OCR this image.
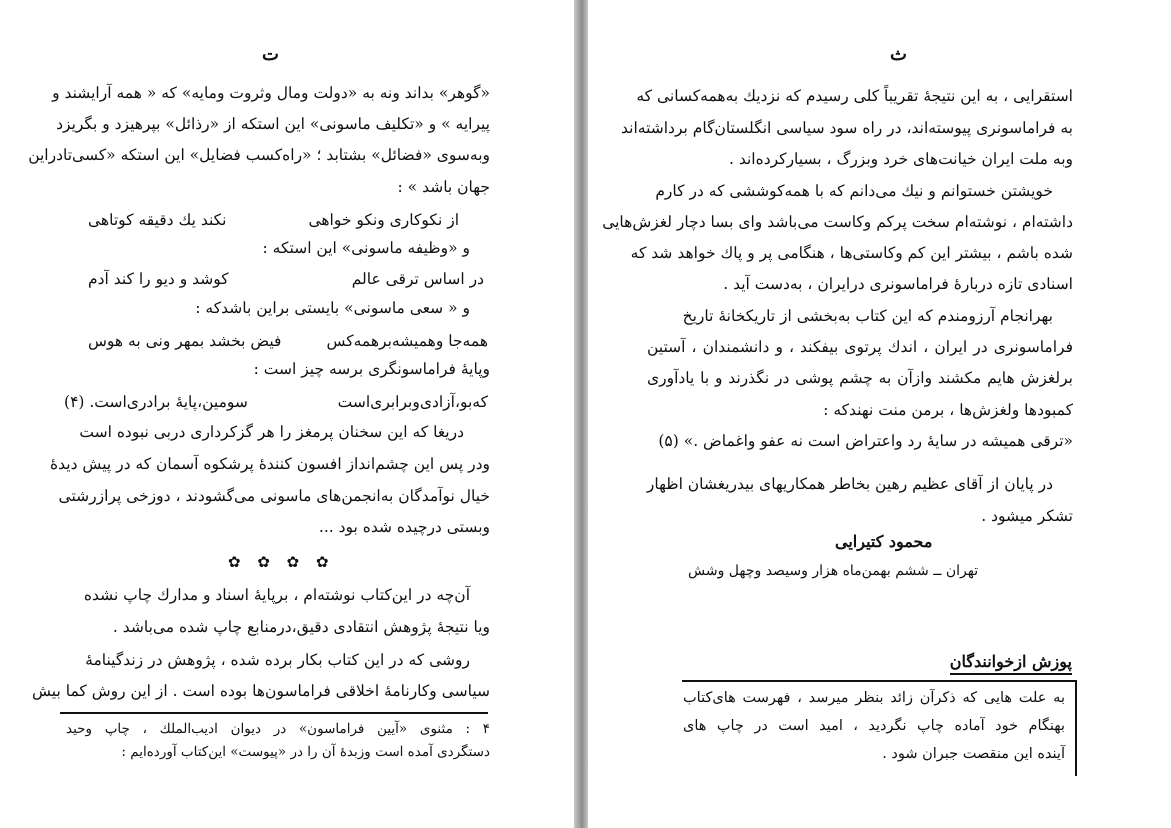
ت
«گوهر» بداند ونه به «دولت ومال وثروت ومایه» که « همه آرایشند و
پیرایه » و «تکلیف ماسونی» این استکه از «رذائل» بپرهیزد و بگریزد
وبه‌سوی «فضائل» بشتابد ؛ «راه‌کسب فضایل» این استکه «کسی‌تادراین
جهان باشد » :
از نکوکاری ونکو خواهی
نکند یك دقیقه کوتاهی
و «وظیفه ماسونی» این استکه :
در اساس ترقی عالم
کوشد و دیو را کند آدم
و « سعی ماسونی» بایستی براین باشدکه :
همه‌جا وهمیشه‌برهمه‌کس
فیض بخشد بمهر ونی به هوس
وپایهٔ فراماسونگری برسه چیز است :
که‌بو،آزادی‌وبرابری‌است
سومین،پایهٔ برادری‌است. (۴)
دریغا که این سخنان پرمغز را هر گزکرداری دربی نبوده است
ودر پس این چشم‌انداز افسون کنندهٔ پرشکوه آسمان که در پیش دیدهٔ
خیال نوآمدگان به‌انجمن‌های ماسونی می‌گشودند ، دوزخی پرازرشتی
وبستی درچیده شده بود ...
✿ ✿ ✿ ✿
آن‌چه در این‌کتاب نوشته‌ام ، برپایهٔ اسناد و مدارك چاپ نشده
ویا نتیجهٔ پژوهش انتقادی دقیق،درمنابع چاپ شده می‌باشد .
روشی که در این کتاب بکار برده شده ، پژوهش در زندگینامهٔ
سیاسی وکارنامهٔ اخلاقی فراماسون‌ها بوده است . از این روش کما بیش
۴ : مثنوی «آیین فراماسون» در دیوان ادیب‌الملك ، چاپ وحید
دستگردی آمده است وزبدهٔ آن را در «پیوست» این‌کتاب آورده‌ایم :
ث
استقرایی ، به این نتیجهٔ تقریباً کلی رسیدم که نزدیك به‌همه‌کسانی که
به فراماسونری پیوسته‌اند، در راه سود سیاسی انگلستان‌گام برداشته‌اند
وبه ملت ایران خیانت‌های خرد وبزرگ ، بسیارکرده‌اند .
خویشتن خستوانم و نیك می‌دانم که با همه‌کوششی که در کارم
داشته‌ام ، نوشته‌ام سخت پرکم وکاست می‌باشد وای بسا دچار لغزش‌هایی
شده باشم ، بیشتر این کم وکاستی‌ها ، هنگامی پر و پاك خواهد شد که
اسنادی تازه دربارهٔ فراماسونری درایران ، به‌دست آید .
بهرانجام آرزومندم که این کتاب به‌بخشی از تاریکخانهٔ تاریخ
فراماسونری در ایران ، اندك پرتوی بیفکند ، و دانشمندان ، آستین
برلغزش هایم مکشند وازآن به چشم پوشی در نگذرند و با یادآوری
کمبودها ولغزش‌ها ، برمن منت نهندکه :
«ترقی همیشه در سایهٔ رد واعتراض است نه عفو واغماض .» (۵)
در پایان از آقای عظیم رهین بخاطر همکاریهای بیدریغشان اظهار
تشکر میشود .
محمود کتیرایی
تهران ــ ششم بهمن‌ماه هزار وسیصد وچهل وشش
پوزش ازخوانندگان
به علت هایی که ذکرآن زائد بنظر میرسد ، فهرست های‌کتاب
بهنگام خود آماده چاپ نگردید ، امید است در چاپ های
آینده این منقصت جبران شود .
